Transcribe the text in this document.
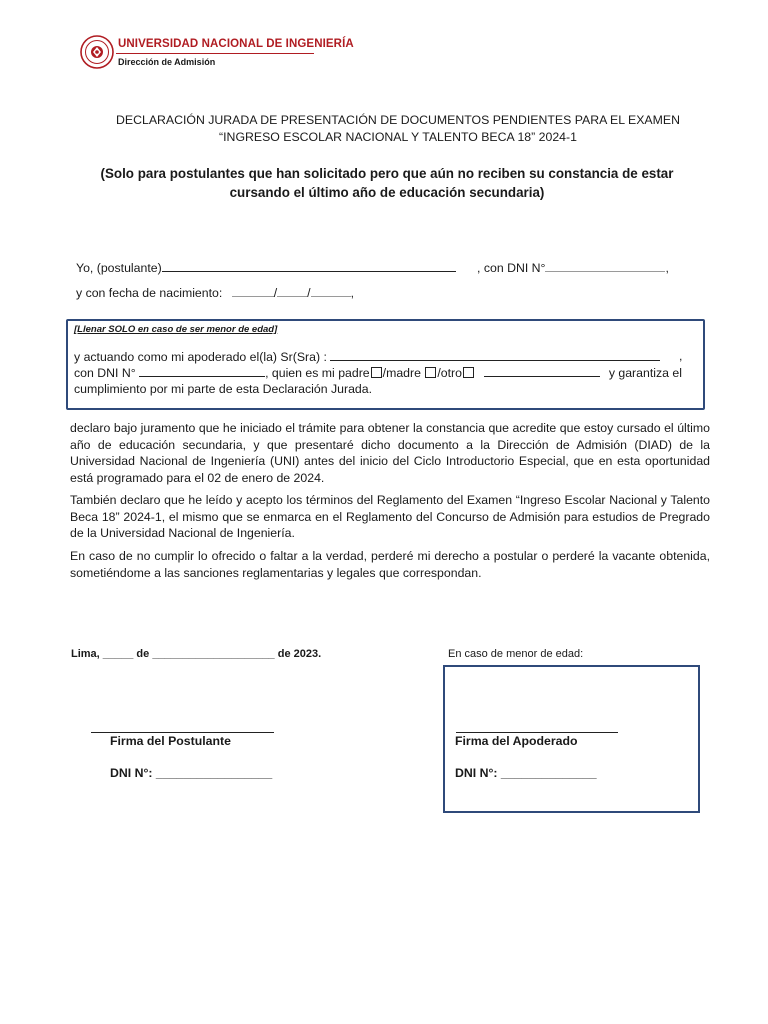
UNIVERSIDAD NACIONAL DE INGENIERÍA
Dirección de Admisión
DECLARACIÓN JURADA DE PRESENTACIÓN DE DOCUMENTOS PENDIENTES PARA EL EXAMEN
“INGRESO ESCOLAR NACIONAL Y TALENTO BECA 18” 2024-1
(Solo para postulantes que han solicitado pero que aún no reciben su constancia de estar
cursando el último año de educación secundaria)
Yo, (postulante)	, con DNI N°	,
y con fecha de nacimiento:	/ /	,
[Llenar SOLO en caso de ser menor de edad]
y actuando como mi apoderado el(la) Sr(Sra) :	,
con DNI N°	, quien es mi padre /madre /otro	y garantiza el
cumplimiento por mi parte de esta Declaración Jurada.
declaro bajo juramento que he iniciado el trámite para obtener la constancia que acredite que estoy cursado el último año de educación secundaria, y que presentaré dicho documento a la Dirección de Admisión (DIAD) de la Universidad Nacional de Ingeniería (UNI) antes del inicio del Ciclo Introductorio Especial, que en esta oportunidad está programado para el 02 de enero de 2024.
También declaro que he leído y acepto los términos del Reglamento del Examen “Ingreso Escolar Nacional y Talento Beca 18” 2024-1, el mismo que se enmarca en el Reglamento del Concurso de Admisión para estudios de Pregrado de la Universidad Nacional de Ingeniería.
En caso de no cumplir lo ofrecido o faltar a la verdad, perderé mi derecho a postular o perderé la vacante obtenida, sometiéndome a las sanciones reglamentarias y legales que correspondan.
Lima, _____ de ____________________ de 2023.	En caso de menor de edad:
Firma del Postulante
DNI N°: _________________
Firma del Apoderado
DNI N°: ______________
